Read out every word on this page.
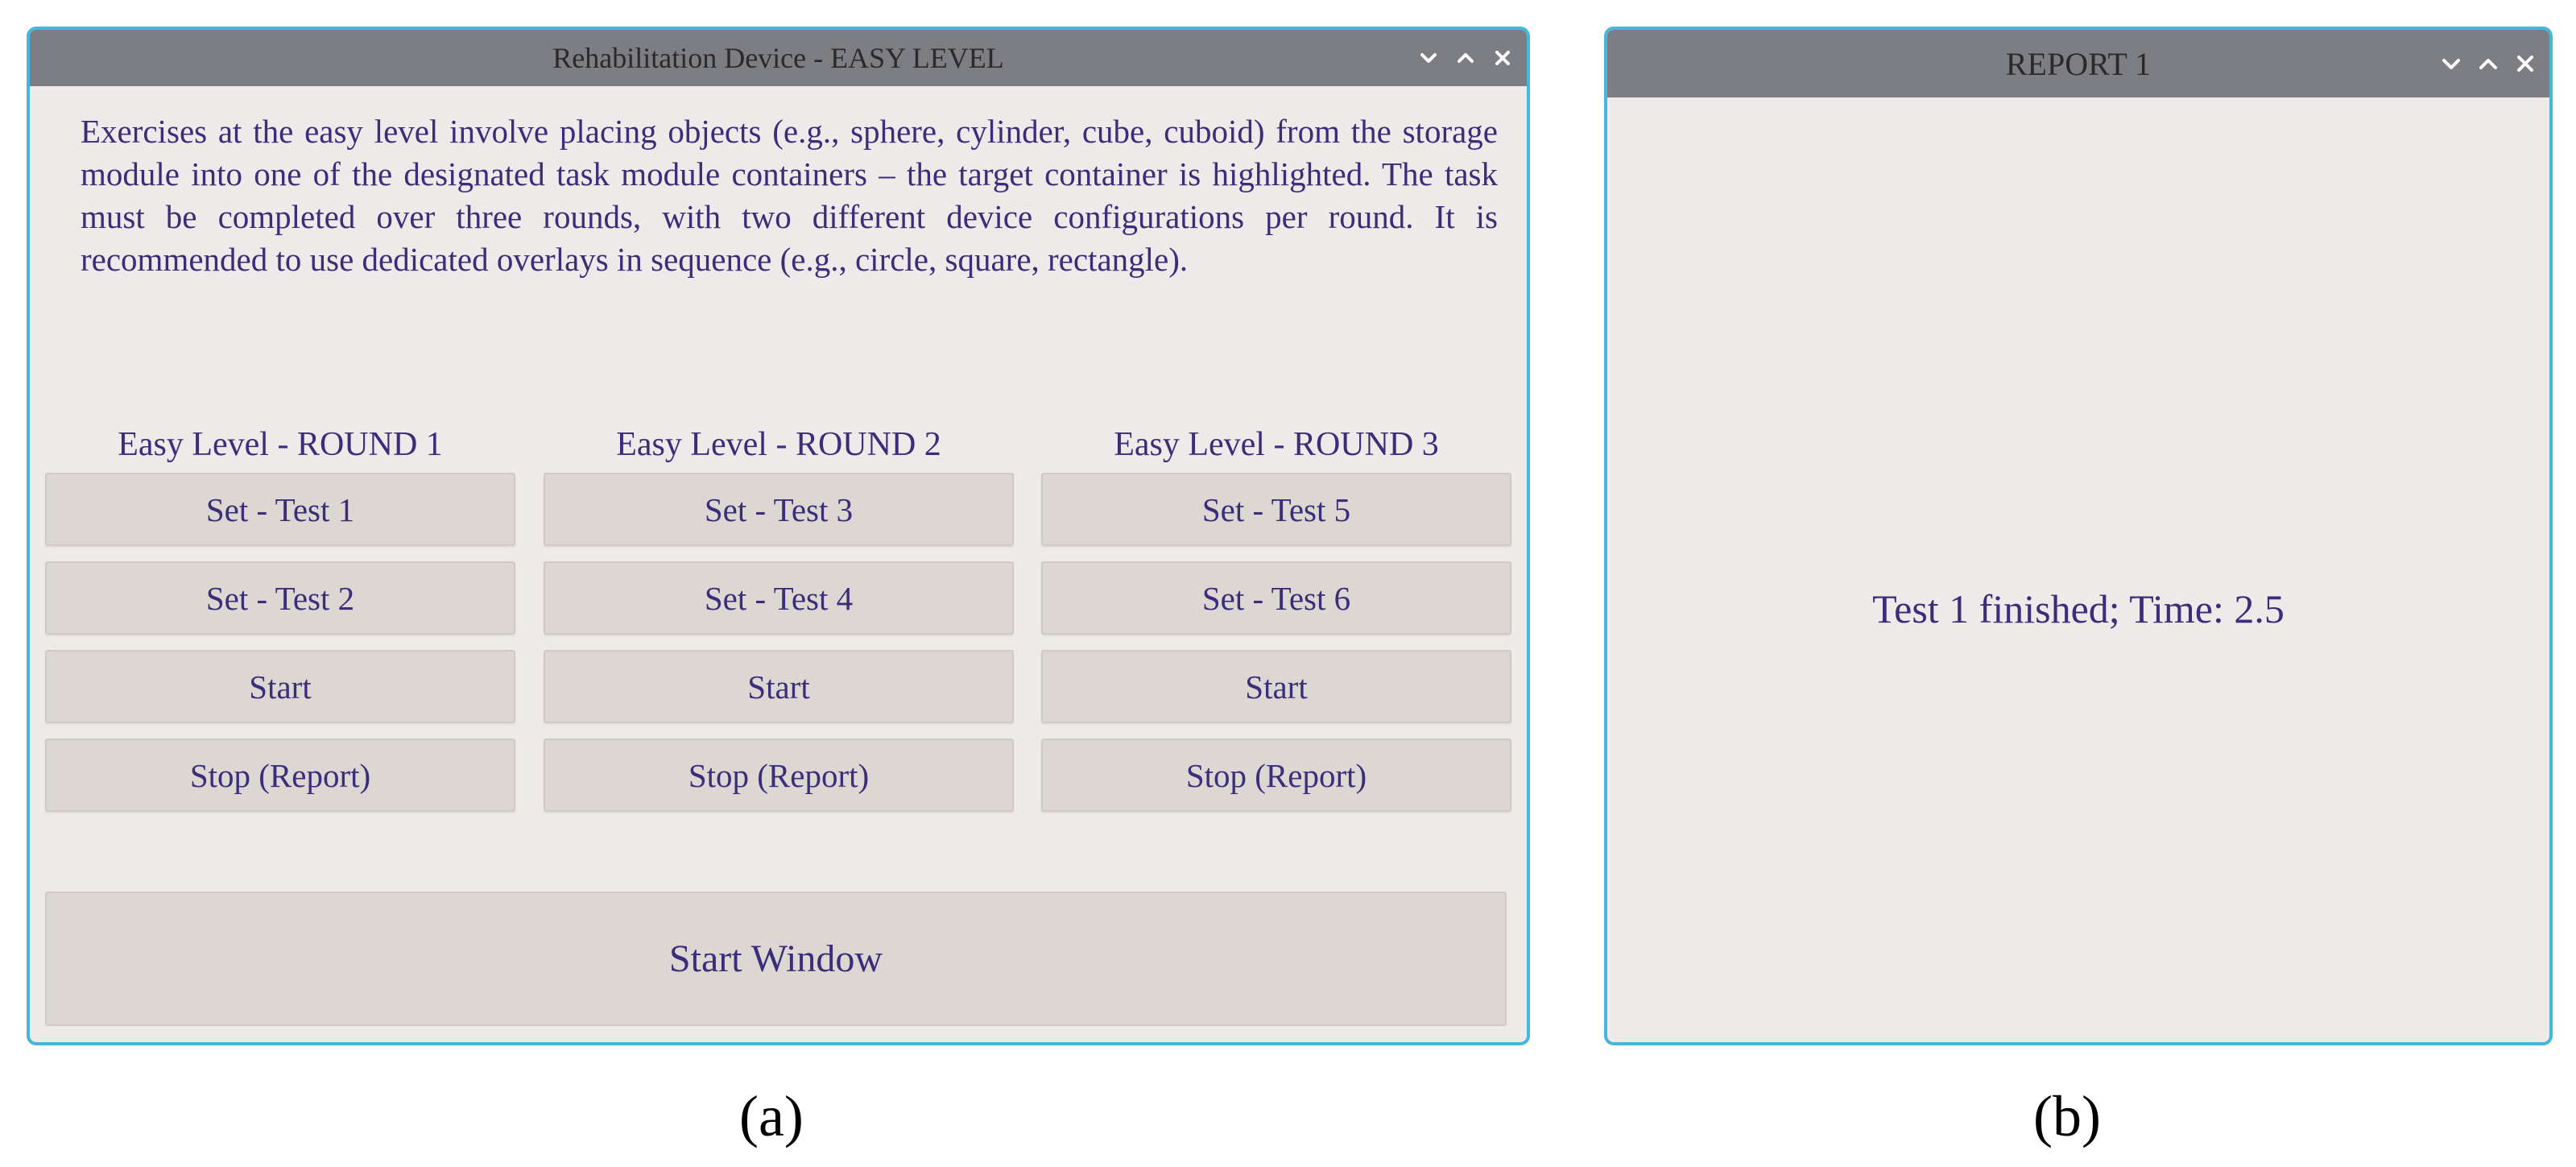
Rehabilitation Device - EASY LEVEL

Exercises at the easy level involve placing objects (e.g., sphere, cylinder, cube, cuboid) from the storage module into one of the designated task module containers – the target container is highlighted. The task must be completed over three rounds, with two different device configurations per round. It is recommended to use dedicated overlays in sequence (e.g., circle, square, rectangle).

Easy Level - ROUND 1
Set - Test 1
Set - Test 2
Start
Stop (Report)
Easy Level - ROUND 2
Set - Test 3
Set - Test 4
Start
Stop (Report)
Easy Level - ROUND 3
Set - Test 5
Set - Test 6
Start
Stop (Report)
Start Window
REPORT 1
Test 1 finished; Time: 2.5
(a)	(b)
